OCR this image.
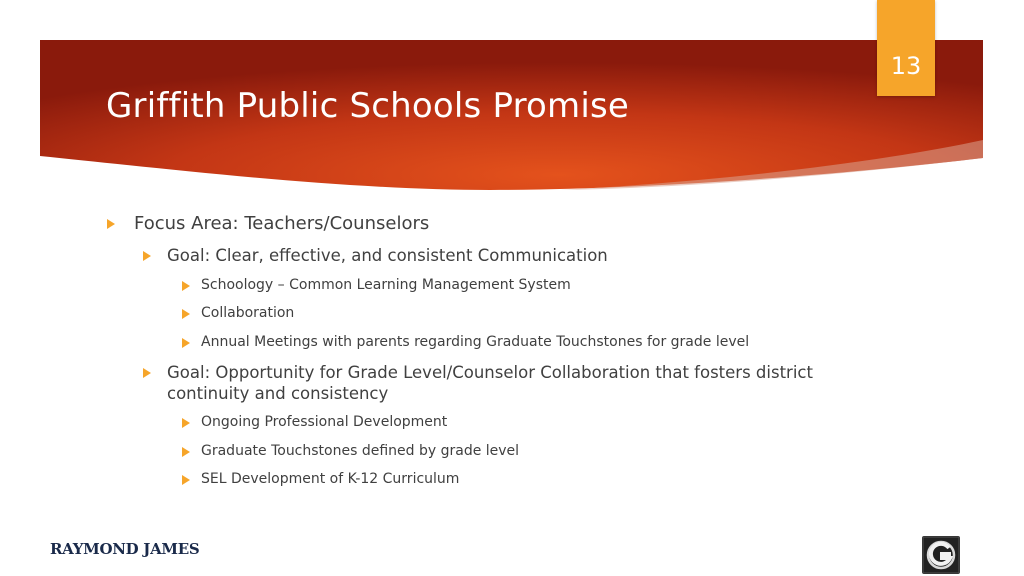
Griffith Public Schools Promise
13
Focus Area: Teachers/Counselors
Goal: Clear, effective, and consistent Communication
Schoology – Common Learning Management System
Collaboration
Annual Meetings with parents regarding Graduate Touchstones for grade level
Goal: Opportunity for Grade Level/Counselor Collaboration that fosters district continuity and consistency
Ongoing Professional Development
Graduate Touchstones defined by grade level
SEL Development of K-12 Curriculum
RAYMOND JAMES
